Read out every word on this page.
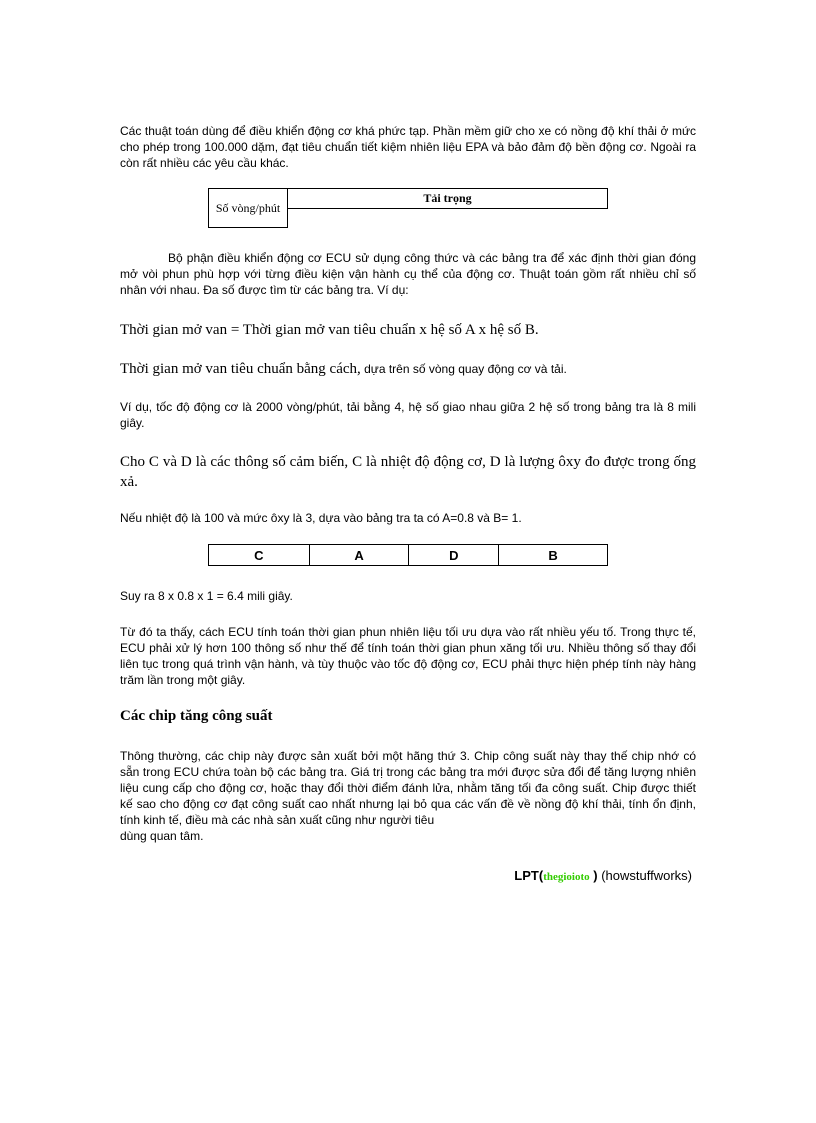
Các thuật toán dùng để điều khiển động cơ khá phức tạp. Phần mềm giữ cho xe có nồng độ khí thải ở mức cho phép trong 100.000 dặm, đạt tiêu chuẩn tiết kiệm nhiên liệu EPA và bảo đảm độ bền động cơ. Ngoài ra còn rất nhiều các yêu cầu khác.

Số vòng/phút	Tải trọng

Bộ phận điều khiển động cơ ECU sử dụng công thức và các bảng tra để xác định thời gian đóng mở vòi phun phù hợp với từng điều kiện vận hành cụ thể của động cơ. Thuật toán gồm rất nhiều chỉ số nhân với nhau. Đa số được tìm từ các bảng tra. Ví dụ:

Thời gian mở van = Thời gian mở van tiêu chuẩn x hệ số A x hệ số B.

Thời gian mở van tiêu chuẩn bằng cách, dựa trên số vòng quay động cơ và tải.

Ví dụ, tốc độ động cơ là 2000 vòng/phút, tải bằng 4, hệ số giao nhau giữa 2 hệ số trong bảng tra là 8 mili giây.

Cho C và D là các thông số cảm biến, C là nhiệt độ động cơ, D là lượng ôxy đo được trong ống xả.

Nếu nhiệt độ là 100 và mức ôxy là 3, dựa vào bảng tra ta có A=0.8 và B= 1.

C	A	D	B

Suy ra 8 x 0.8 x 1 = 6.4 mili giây.

Từ đó ta thấy, cách ECU tính toán thời gian phun nhiên liệu tối ưu dựa vào rất nhiều yếu tố. Trong thực tế, ECU phải xử lý hơn 100 thông số như thế để tính toán thời gian phun xăng tối ưu. Nhiều thông số thay đổi liên tục trong quá trình vận hành, và tùy thuộc vào tốc độ động cơ, ECU phải thực hiện phép tính này hàng trăm lần trong một giây.

Các chip tăng công suất

Thông thường, các chip này được sản xuất bởi một hãng thứ 3. Chip công suất này thay thế chip nhớ có sẵn trong ECU chứa toàn bộ các bảng tra. Giá trị trong các bảng tra mới được sửa đổi để tăng lượng nhiên liệu cung cấp cho động cơ, hoặc thay đổi thời điểm đánh lửa, nhằm tăng tối đa công suất. Chip được thiết kế sao cho động cơ đạt công suất cao nhất nhưng lại bỏ qua các vấn đề về nồng độ khí thải, tính ổn định, tính kinh tế, điều mà các nhà sản xuất cũng như người tiêu
dùng quan tâm.

LPT(thegioioto ) (howstuffworks)
